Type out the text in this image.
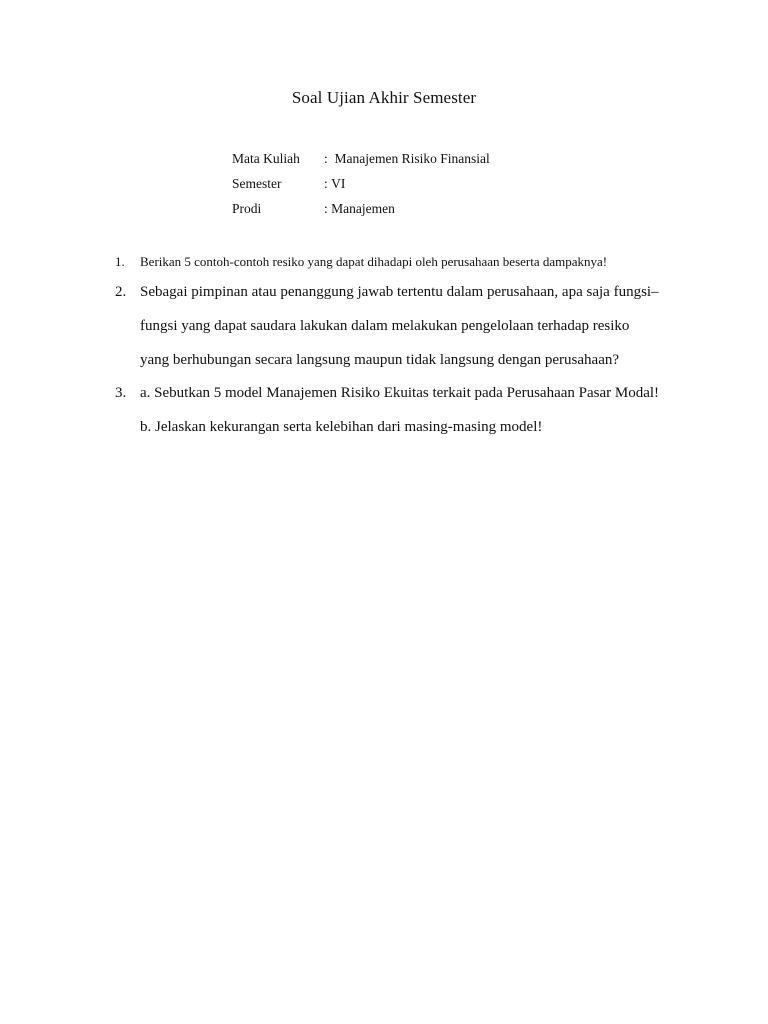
Soal Ujian Akhir Semester
Mata Kuliah : Manajemen Risiko Finansial
Semester	: VI
Prodi	: Manajemen
1. Berikan 5 contoh-contoh resiko yang dapat dihadapi oleh perusahaan beserta dampaknya!
2. Sebagai pimpinan atau penanggung jawab tertentu dalam perusahaan, apa saja fungsi–
fungsi yang dapat saudara lakukan dalam melakukan pengelolaan terhadap resiko
yang berhubungan secara langsung maupun tidak langsung dengan perusahaan?
3. a. Sebutkan 5 model Manajemen Risiko Ekuitas terkait pada Perusahaan Pasar Modal!
b. Jelaskan kekurangan serta kelebihan dari masing-masing model!
